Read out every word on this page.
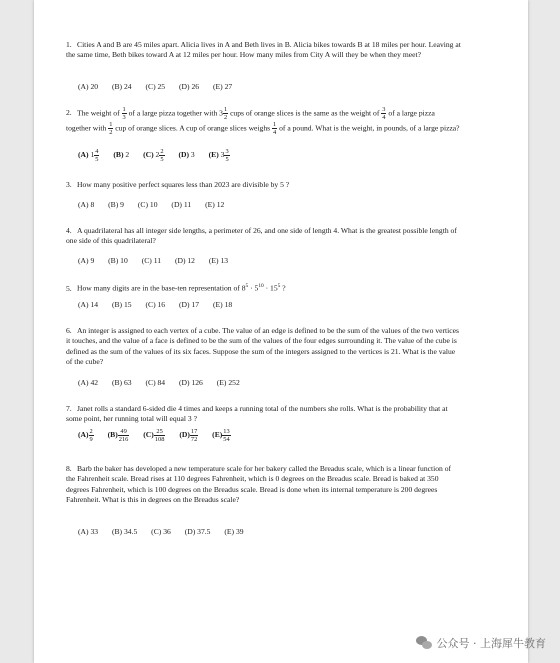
1. Cities A and B are 45 miles apart. Alicia lives in A and Beth lives in B. Alicia bikes towards B at 18 miles per hour. Leaving at the same time, Beth bikes toward A at 12 miles per hour. How many miles from City A will they be when they meet?
(A) 20 (B) 24 (C) 25 (D) 26 (E) 27
2. The weight of $\frac{1}{3}$ of a large pizza together with $3 \frac{1}{2}$ cups of orange slices is the same as the weight of $\frac{3}{4}$ of a large pizza together with $\frac{1}{2}$ cup of orange slices. A cup of orange slices weighs $\frac{1}{4}$ of a pound. What is the weight, in pounds, of a large pizza?
(A) $1 \frac{4}{5} (B)$ 2 (C) $2 \frac{2}{5} (D)$ 3 (E) $3 \frac{3}{5}$
3. How many positive perfect squares less than 2023 are divisible by 5 ?
(A) 8 (B) 9 (C) 10 (D) 11 (E) 12
4. A quadrilateral has all integer side lengths, a perimeter of 26, and one side of length 4. What is the greatest possible length of one side of this quadrilateral?
(A) 9 (B) 10 (C) 11 (D) 12 (E) 13
5. How many digits are in the base-ten representation of $8^5 \cdot 5^{10} \cdot 15^5$ ?
(A) 14 (B) 15 (C) 16 (D) 17 (E) 18
6. An integer is assigned to each vertex of a cube. The value of an edge is defined to be the sum of the values of the two vertices it touches, and the value of a face is defined to be the sum of the values of the four edges surrounding it. The value of the cube is defined as the sum of the values of its six faces. Suppose the sum of the integers assigned to the vertices is 21. What is the value of the cube?
(A) 42 (B) 63 (C) 84 (D) 126 (E) 252
7. Janet rolls a standard 6-sided die 4 times and keeps a running total of the numbers she rolls. What is the probability that at some point, her running total will equal 3 ?
$(A) \frac{2}{9} (B) \frac{49}{216} (C) \frac{25}{108} (D) \frac{17}{72} (E) \frac{13}{54}$
8. Barb the baker has developed a new temperature scale for her bakery called the Breadus scale, which is a linear function of the Fahrenheit scale. Bread rises at 110 degrees Fahrenheit, which is 0 degrees on the Breadus scale. Bread is baked at 350 degrees Fahrenheit, which is 100 degrees on the Breadus scale. Bread is done when its internal temperature is 200 degrees Fahrenheit. What is this in degrees on the Breadus scale?
(A) 33 (B) 34.5 (C) 36 (D) 37.5 (E) 39
公众号 · 上海犀牛教育
